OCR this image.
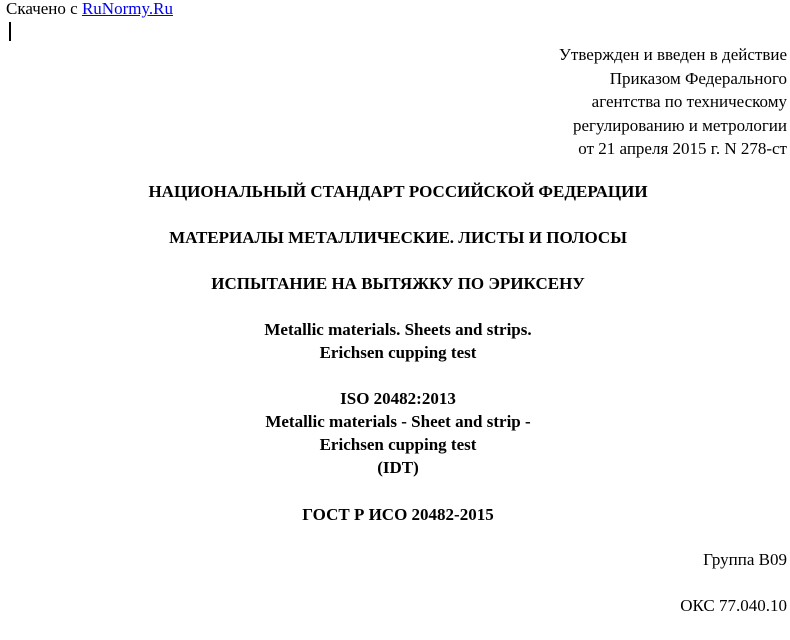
Скачено с RuNormy.Ru
Утвержден и введен в действие
Приказом Федерального
агентства по техническому
регулированию и метрологии
от 21 апреля 2015 г. N 278-ст
НАЦИОНАЛЬНЫЙ СТАНДАРТ РОССИЙСКОЙ ФЕДЕРАЦИИ
МАТЕРИАЛЫ МЕТАЛЛИЧЕСКИЕ. ЛИСТЫ И ПОЛОСЫ
ИСПЫТАНИЕ НА ВЫТЯЖКУ ПО ЭРИКСЕНУ
Metallic materials. Sheets and strips.
Erichsen cupping test
ISO 20482:2013
Metallic materials - Sheet and strip -
Erichsen cupping test
(IDT)
ГОСТ Р ИСО 20482-2015
Группа В09
ОКС 77.040.10
